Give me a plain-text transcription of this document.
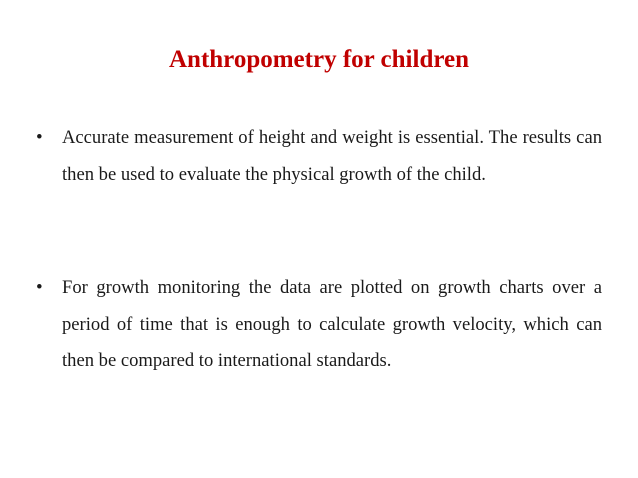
Anthropometry for children
• Accurate measurement of height and weight is essential. The results can then be used to evaluate the physical growth of the child.
• For growth monitoring the data are plotted on growth charts over a period of time that is enough to calculate growth velocity, which can then be compared to international standards.
